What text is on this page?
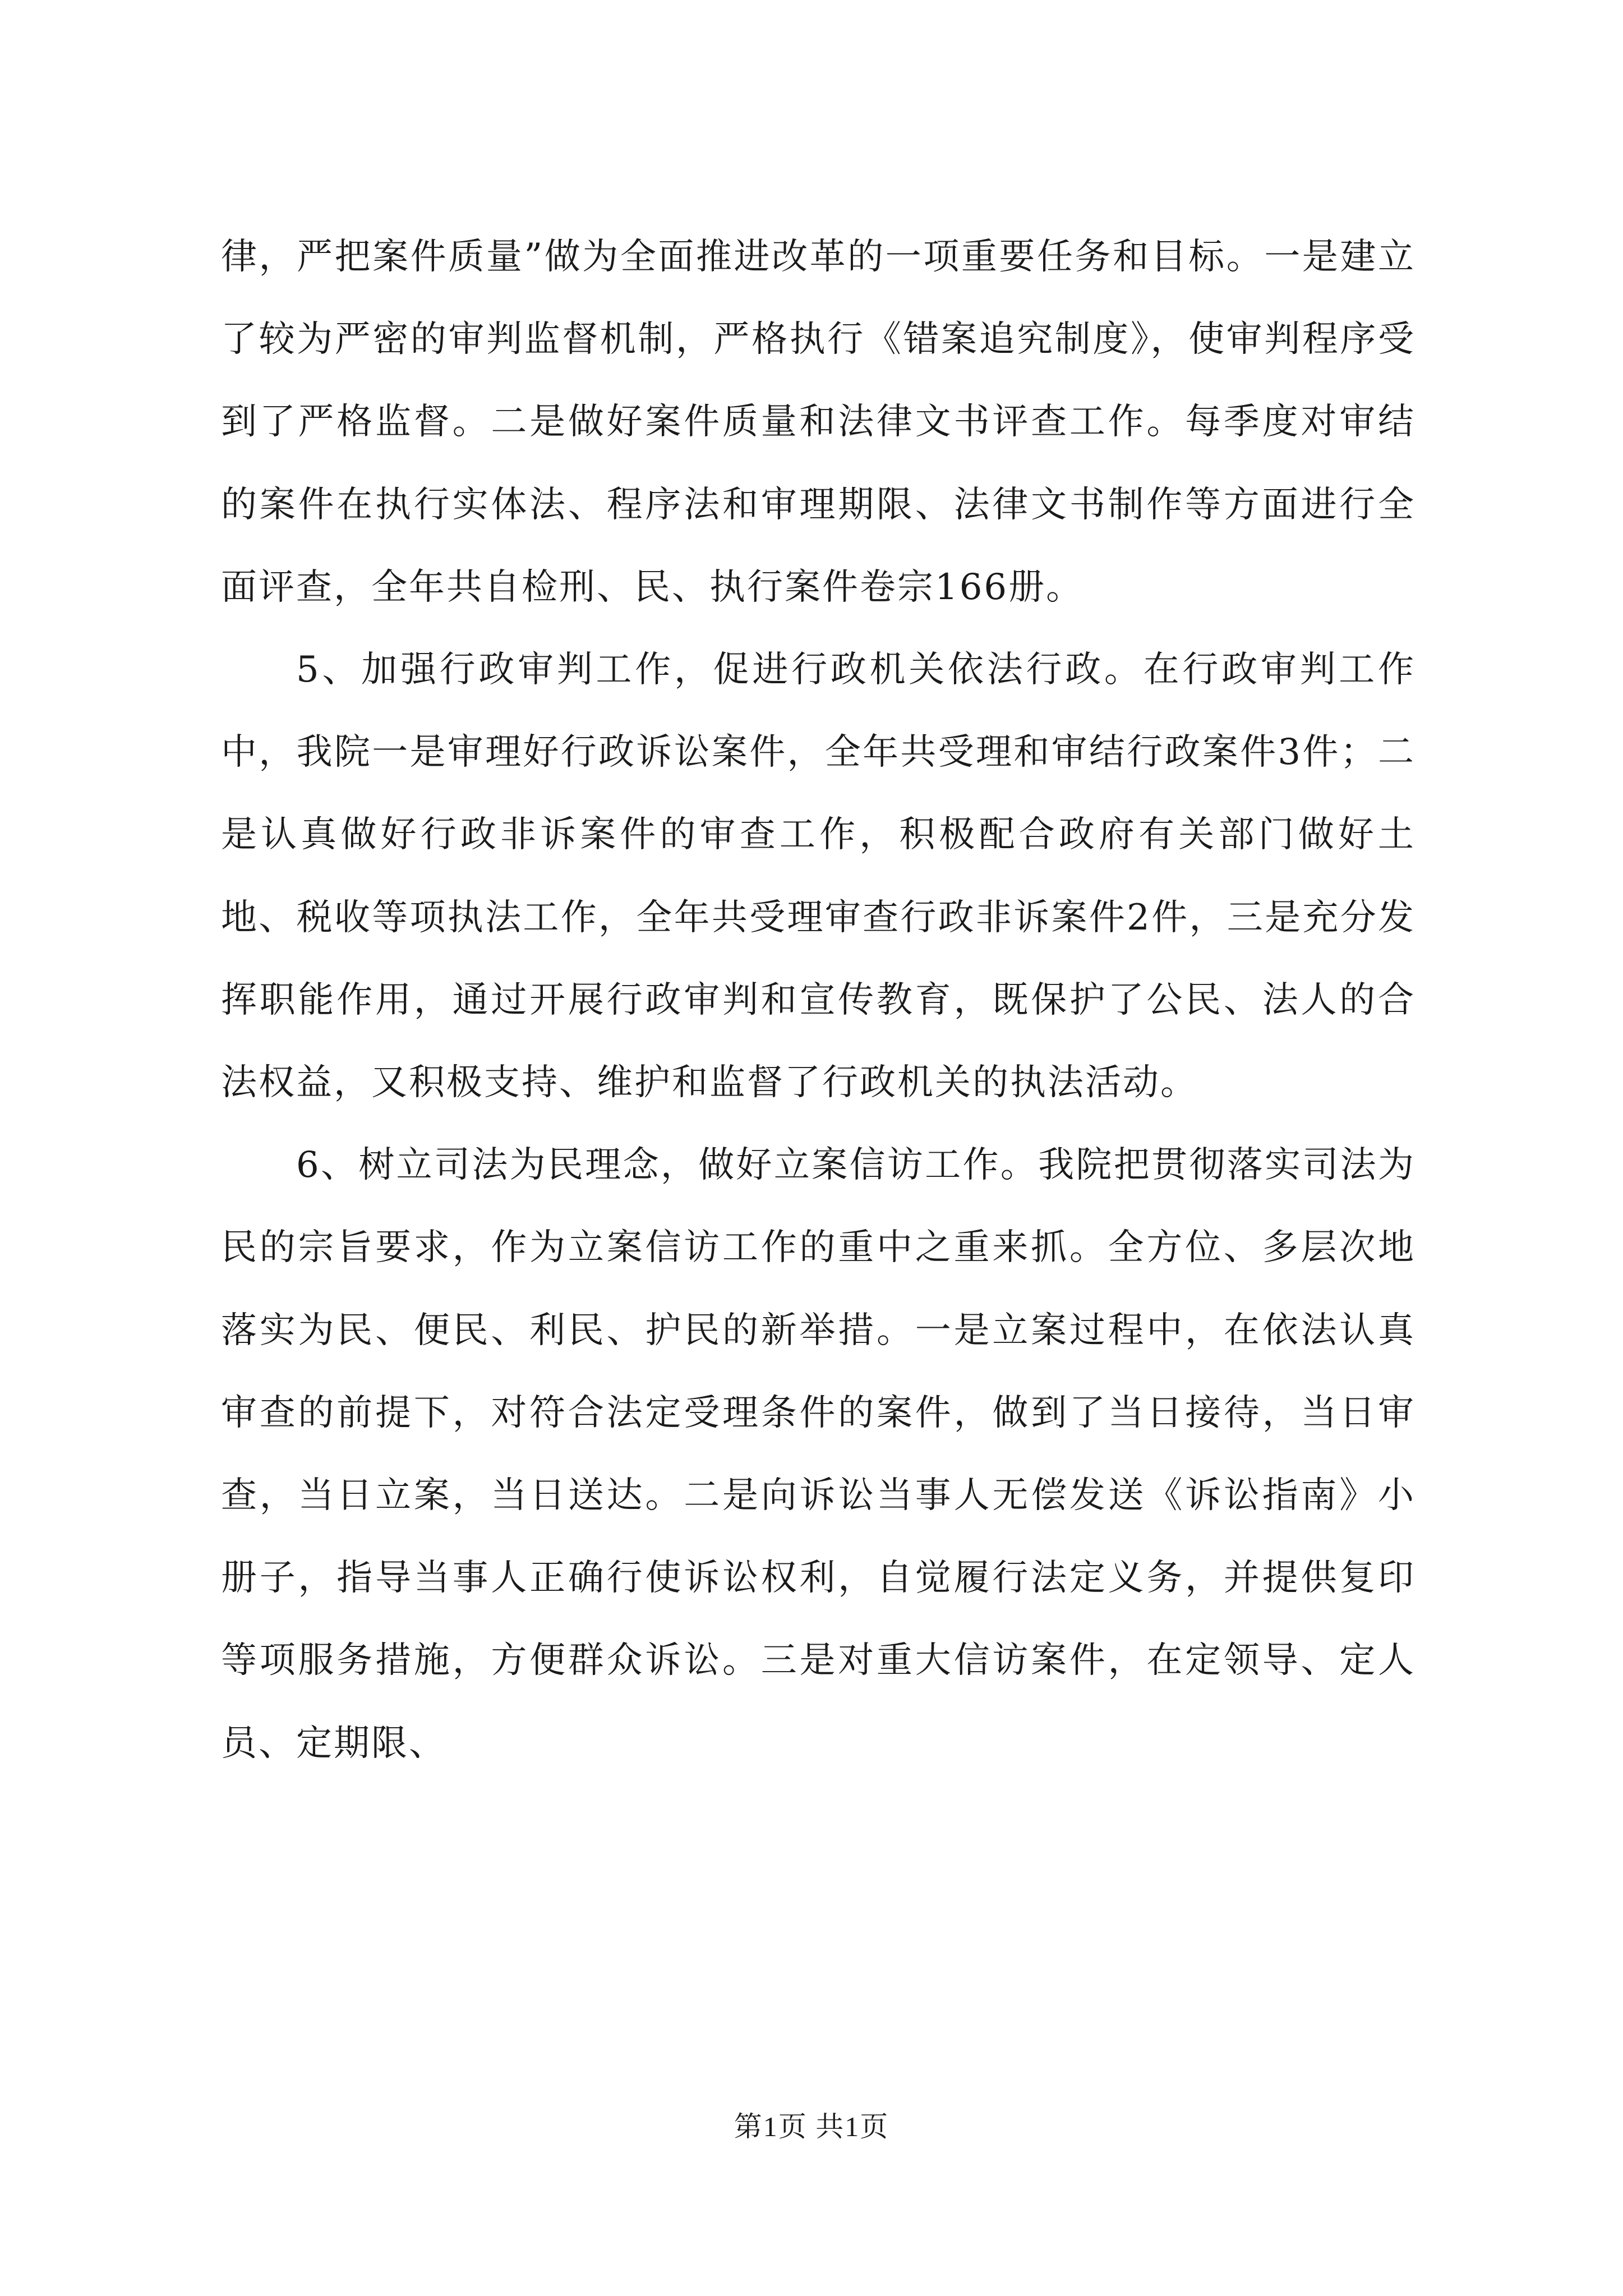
律，严把案件质量”做为全面推进改革的一项重要任务和目标。一是建立了较为严密的审判监督机制，严格执行《错案追究制度》，使审判程序受到了严格监督。二是做好案件质量和法律文书评查工作。每季度对审结的案件在执行实体法、程序法和审理期限、法律文书制作等方面进行全面评查，全年共自检刑、民、执行案件卷宗166册。

5、加强行政审判工作，促进行政机关依法行政。在行政审判工作中，我院一是审理好行政诉讼案件，全年共受理和审结行政案件3件；二是认真做好行政非诉案件的审查工作，积极配合政府有关部门做好土地、税收等项执法工作，全年共受理审查行政非诉案件2件，三是充分发挥职能作用，通过开展行政审判和宣传教育，既保护了公民、法人的合法权益，又积极支持、维护和监督了行政机关的执法活动。

6、树立司法为民理念，做好立案信访工作。我院把贯彻落实司法为民的宗旨要求，作为立案信访工作的重中之重来抓。全方位、多层次地落实为民、便民、利民、护民的新举措。一是立案过程中，在依法认真审查的前提下，对符合法定受理条件的案件，做到了当日接待，当日审查，当日立案，当日送达。二是向诉讼当事人无偿发送《诉讼指南》小册子，指导当事人正确行使诉讼权利，自觉履行法定义务，并提供复印等项服务措施，方便群众诉讼。三是对重大信访案件，在定领导、定人员、定期限、

第1页 共1页
